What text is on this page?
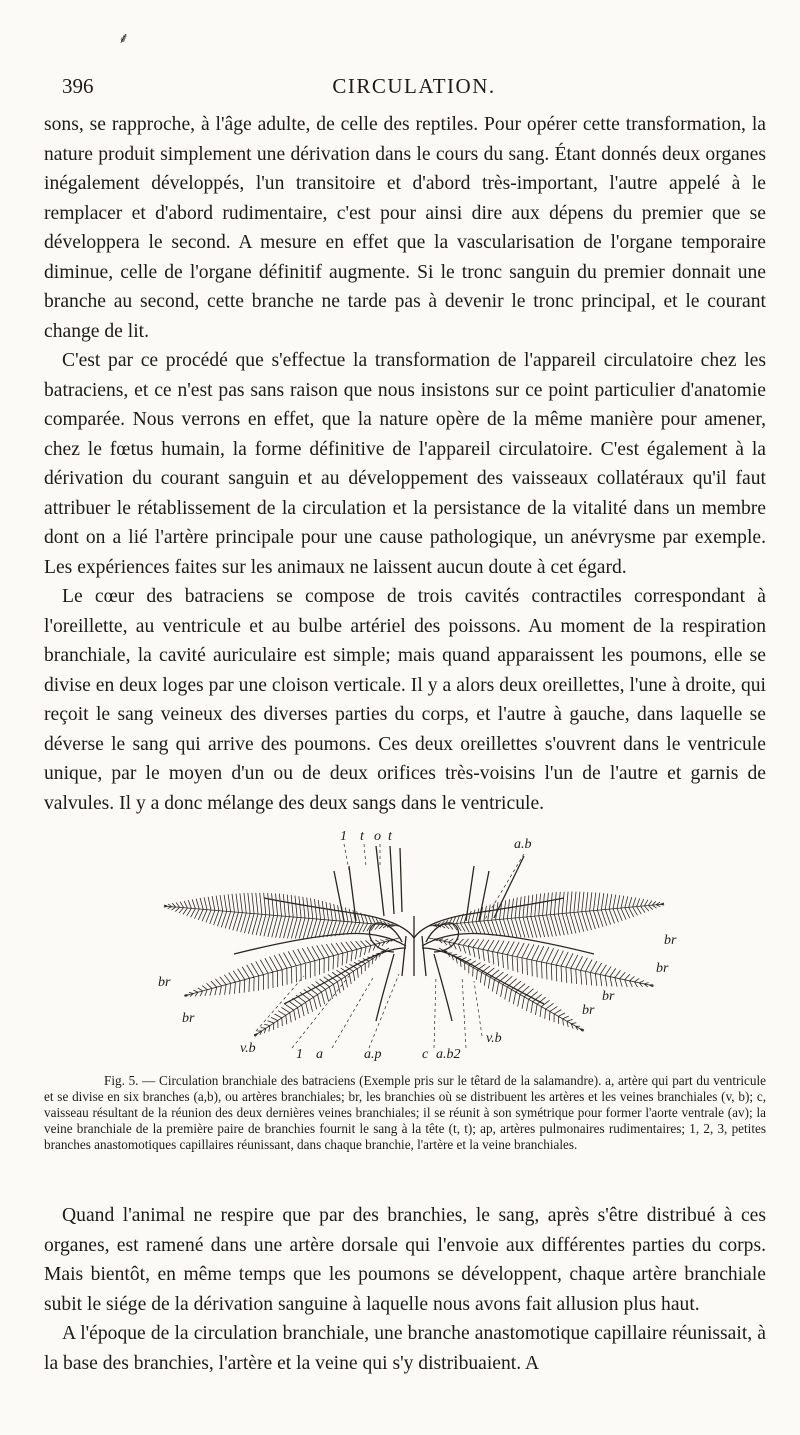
⸙
396	CIRCULATION.

sons, se rapproche, à l'âge adulte, de celle des reptiles. Pour opérer cette transformation, la nature produit simplement une dérivation dans le cours du sang. Étant donnés deux organes inégalement développés, l'un transitoire et d'abord très-important, l'autre appelé à le remplacer et d'abord rudimentaire, c'est pour ainsi dire aux dépens du premier que se développera le second. A mesure en effet que la vascularisation de l'organe temporaire diminue, celle de l'organe définitif augmente. Si le tronc sanguin du premier donnait une branche au second, cette branche ne tarde pas à devenir le tronc principal, et le courant change de lit.

C'est par ce procédé que s'effectue la transformation de l'appareil circulatoire chez les batraciens, et ce n'est pas sans raison que nous insistons sur ce point particulier d'anatomie comparée. Nous verrons en effet, que la nature opère de la même manière pour amener, chez le fœtus humain, la forme définitive de l'appareil circulatoire. C'est également à la dérivation du courant sanguin et au développement des vaisseaux collatéraux qu'il faut attribuer le rétablissement de la circulation et la persistance de la vitalité dans un membre dont on a lié l'artère principale pour une cause pathologique, un anévrysme par exemple. Les expériences faites sur les animaux ne laissent aucun doute à cet égard.

Le cœur des batraciens se compose de trois cavités contractiles correspondant à l'oreillette, au ventricule et au bulbe artériel des poissons. Au moment de la respiration branchiale, la cavité auriculaire est simple; mais quand apparaissent les poumons, elle se divise en deux loges par une cloison verticale. Il y a alors deux oreillettes, l'une à droite, qui reçoit le sang veineux des diverses parties du corps, et l'autre à gauche, dans laquelle se déverse le sang qui arrive des poumons. Ces deux oreillettes s'ouvrent dans le ventricule unique, par le moyen d'un ou de deux orifices très-voisins l'un de l'autre et garnis de valvules. Il y a donc mélange des deux sangs dans le ventricule.

1 t o t
a.b
br
br
br
br
br
br
v.b	1 a	a.p	c a.b2
v.b

Fig. 5. — Circulation branchiale des batraciens (Exemple pris sur le têtard de la salamandre). a, artère qui part du ventricule et se divise en six branches (a,b), ou artères branchiales; br, les branchies où se distribuent les artères et les veines branchiales (v, b); c, vaisseau résultant de la réunion des deux dernières veines branchiales; il se réunit à son symétrique pour former l'aorte ventrale (av); la veine branchiale de la première paire de branchies fournit le sang à la tête (t, t); ap, artères pulmonaires rudimentaires; 1, 2, 3, petites branches anastomotiques capillaires réunissant, dans chaque branchie, l'artère et la veine branchiales.

Quand l'animal ne respire que par des branchies, le sang, après s'être distribué à ces organes, est ramené dans une artère dorsale qui l'envoie aux différentes parties du corps. Mais bientôt, en même temps que les poumons se développent, chaque artère branchiale subit le siége de la dérivation sanguine à laquelle nous avons fait allusion plus haut.

A l'époque de la circulation branchiale, une branche anastomotique capillaire réunissait, à la base des branchies, l'artère et la veine qui s'y distribuaient. A
